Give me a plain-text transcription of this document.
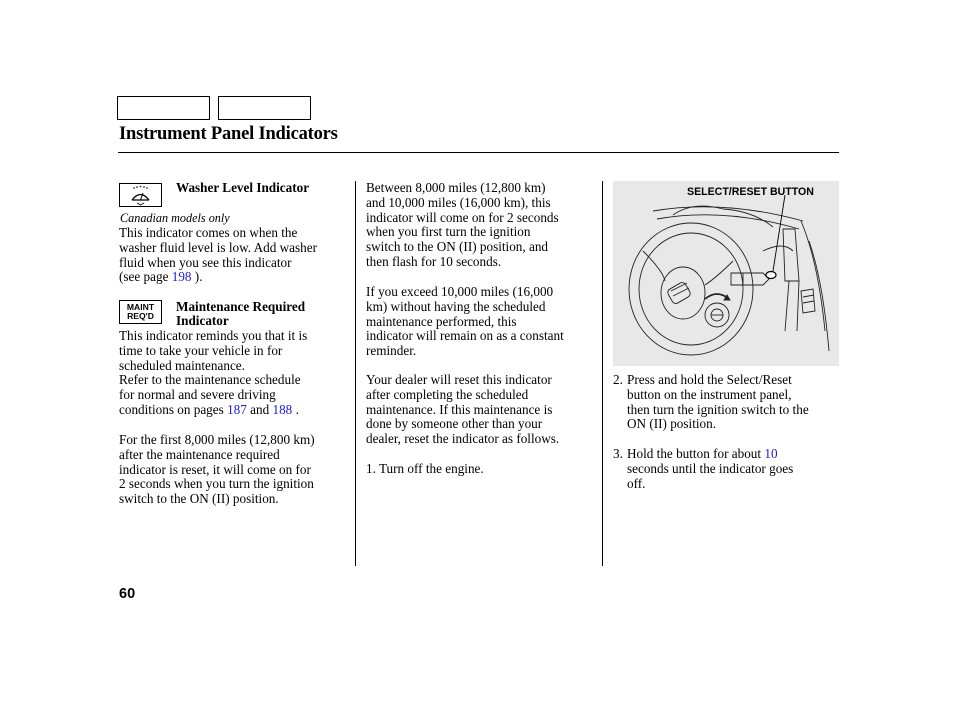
Instrument Panel Indicators
Washer Level Indicator
Canadian models only
This indicator comes on when the
washer fluid level is low. Add washer
fluid when you see this indicator
(see page 198 ).
MAINT
REQ'D
Maintenance Required
Indicator
This indicator reminds you that it is
time to take your vehicle in for
scheduled maintenance.
Refer to the maintenance schedule
for normal and severe driving
conditions on pages 187 and 188 .
For the first 8,000 miles (12,800 km)
after the maintenance required
indicator is reset, it will come on for
2 seconds when you turn the ignition
switch to the ON (II) position.
Between 8,000 miles (12,800 km)
and 10,000 miles (16,000 km), this
indicator will come on for 2 seconds
when you first turn the ignition
switch to the ON (II) position, and
then flash for 10 seconds.
If you exceed 10,000 miles (16,000
km) without having the scheduled
maintenance performed, this
indicator will remain on as a constant
reminder.
Your dealer will reset this indicator
after completing the scheduled
maintenance. If this maintenance is
done by someone other than your
dealer, reset the indicator as follows.
1. Turn off the engine.
SELECT/RESET BUTTON
2. Press and hold the Select/Reset
button on the instrument panel,
then turn the ignition switch to the
ON (II) position.
3. Hold the button for about 10
seconds until the indicator goes
off.
60
